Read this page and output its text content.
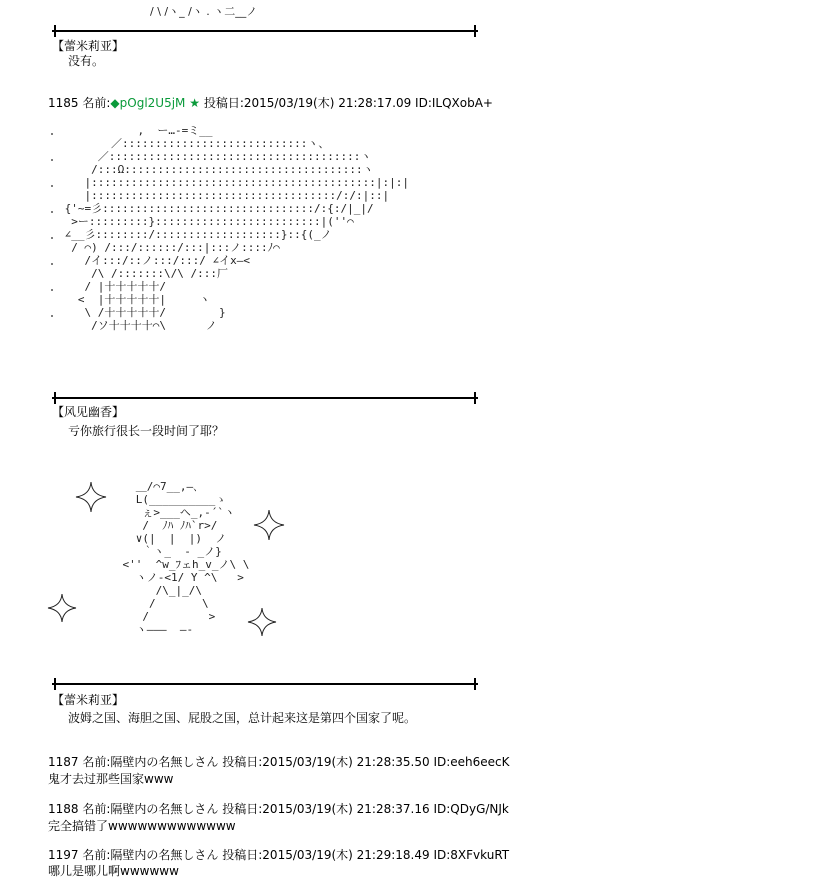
/ \ /ヽ_ /ヽ . ヽ二__ノ
【蕾米莉亚】
没有。
1185 名前:◆pOgl2U5jM ★ 投稿日:2015/03/19(木) 21:28:17.09 ID:ILQXobA+
,  ー…-=ミ__
／::::::::::::::::::::::::::::ヽ、
／::::::::::::::::::::::::::::::::::::::ヽ
/:::Ω::::::::::::::::::::::::::::::::::::ヽ
|:::::::::::::::::::::::::::::::::::::::::::|:|:|
|:::::::::::::::::::::::::::::::::::::/:/:|::|
{'~=彡::::::::::::::::::::::::::::::::/:{:/|_|/
>ー:::::::::}:::::::::::::::::::::::::|(''⌒
∠__彡::::::::/:::::::::::::::::::}::{(_ノ
/ ⌒) /:::/::::::/:::|:::ノ::::ﾉ⌒
/イ:::/::ノ:::/:::/ ∠イx―<
/\ /:::::::\/\ /:::厂
/ |十十十十十/
<  |十十十十十|     ヽ
\ /十十十十十/        }
/ソ十十十十⌒\      ノ
【风见幽香】
亏你旅行很长一段时间了耶？
＿/⌒7__,―､
L(__________ゝ
ぇ>___ヘ_,-´`ヽ
/  ﾉﾊ ﾉﾊ`r>/
∨(|  |  |)  ノ
｀ヽ_  - _ノ}
<''  ^w_ﾌェh_v_ノ\ \
ヽノ-<1/ Y ^\   >
/\_|_/\
/       \
/         >
ヽ―――  ―‐
【蕾米莉亚】
波姆之国、海胆之国、屁股之国，总计起来这是第四个国家了呢。
1187 名前:隔壁内の名無しさん 投稿日:2015/03/19(木) 21:28:35.50 ID:eeh6eecK
鬼才去过那些国家www
1188 名前:隔壁内の名無しさん 投稿日:2015/03/19(木) 21:28:37.16 ID:QDyG/NJk
完全搞错了wwwwwwwwwwwww
1197 名前:隔壁内の名無しさん 投稿日:2015/03/19(木) 21:29:18.49 ID:8XFvkuRT
哪儿是哪儿啊wwwwww
